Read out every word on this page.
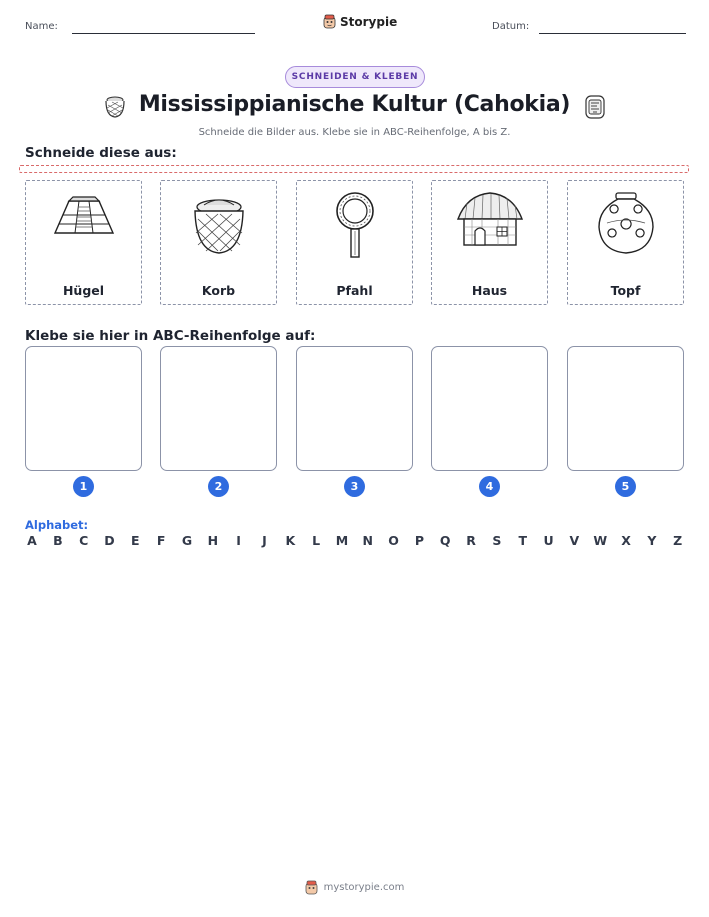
Name:	Storypie	Datum:
SCHNEIDEN & KLEBEN
Mississippianische Kultur (Cahokia)
Schneide die Bilder aus. Klebe sie in ABC-Reihenfolge, A bis Z.
Schneide diese aus:
Hügel	Korb	Pfahl	Haus	Topf
Klebe sie hier in ABC-Reihenfolge auf:
1	2	3	4	5
Alphabet:
A B C D E F G H	I	J	K L M N O P Q R S T U V W X Y Z
mystorypie.com
